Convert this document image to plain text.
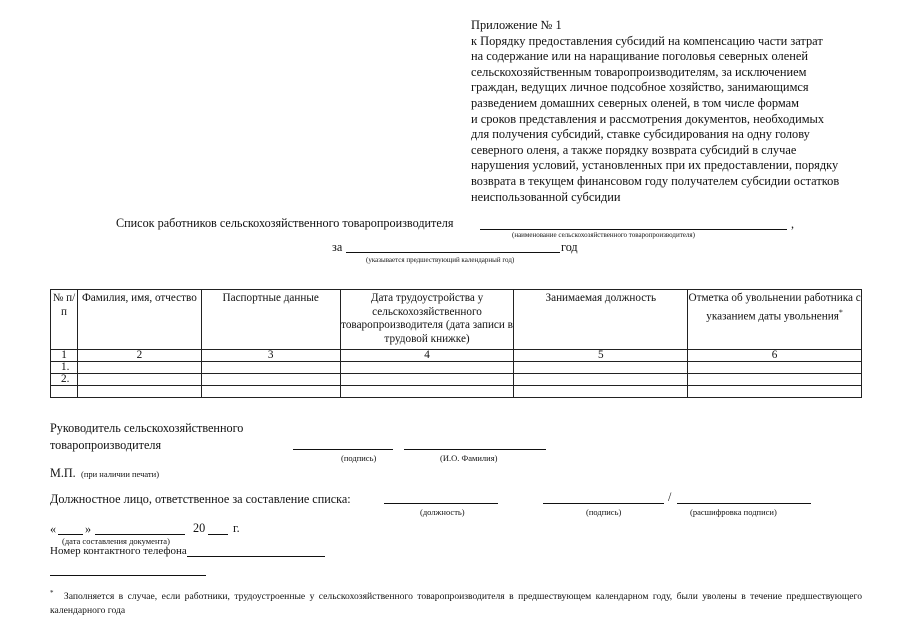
Приложение № 1
к Порядку предоставления субсидий на компенсацию части затрат
на содержание или на наращивание поголовья северных оленей
сельскохозяйственным товаропроизводителям, за исключением
граждан, ведущих личное подсобное хозяйство, занимающимся
разведением домашних северных оленей, в том числе формам
и сроков представления и рассмотрения документов, необходимых
для получения субсидий, ставке субсидирования на одну голову
северного оленя, а также порядку возврата субсидий в случае
нарушения условий, установленных при их предоставлении, порядку
возврата в текущем финансовом году получателем субсидии остатков
неиспользованной субсидии
Список работников сельскохозяйственного товаропроизводителя	,
(наименование сельскохозяйственного товаропроизводителя)
за	год
(указывается предшествующий календарный год)
№ п/п	Фамилия, имя, отчество	Паспортные данные	Дата трудоустройства у сельскохозяйственного товаропроизводителя (дата записи в трудовой книжке)	Занимаемая должность	Отметка об увольнении работника с указанием даты увольнения*
1	2	3	4	5	6
1.					
2.					

Руководитель сельскохозяйственного
товаропроизводителя
(подпись)	(И.О. Фамилия)
М.П. (при наличии печати)
Должностное лицо, ответственное за составление списка:	/
(должность)	(подпись)	(расшифровка подписи)
« »	20 г.
(дата составления документа)
Номер контактного телефона
* Заполняется в случае, если работники, трудоустроенные у сельскохозяйственного товаропроизводителя в предшествующем календарном году, были уволены в течение предшествующего календарного года
